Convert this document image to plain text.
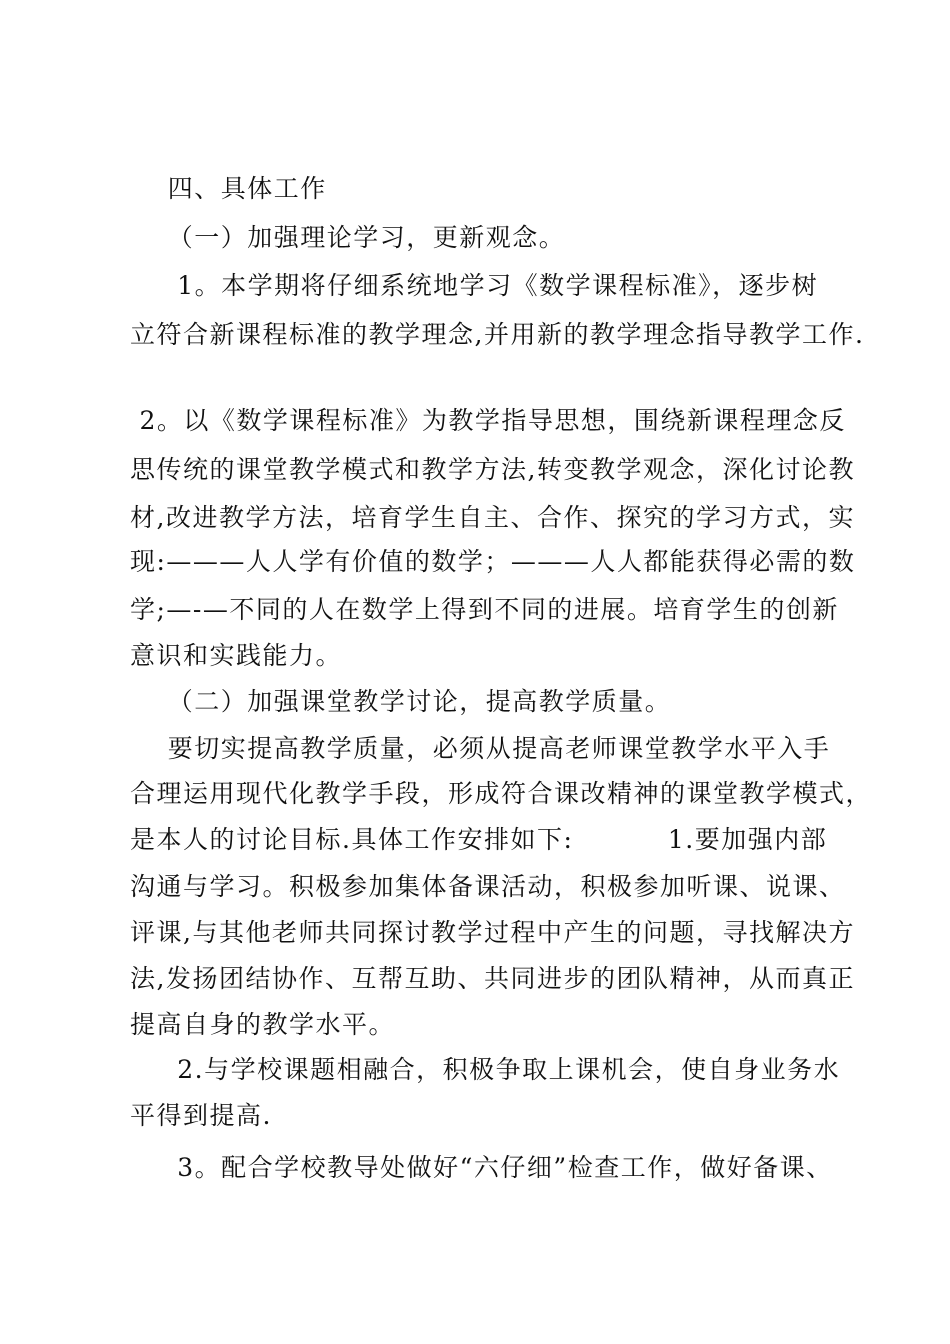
四、具体工作
（一）加强理论学习，更新观念。
1。本学期将仔细系统地学习《数学课程标准》，逐步树
立符合新课程标准的教学理念,并用新的教学理念指导教学工作.
2。以《数学课程标准》为教学指导思想，围绕新课程理念反
思传统的课堂教学模式和教学方法,转变教学观念，深化讨论教
材,改进教学方法，培育学生自主、合作、探究的学习方式，实
现:———人人学有价值的数学；———人人都能获得必需的数
学;—-—不同的人在数学上得到不同的进展。培育学生的创新
意识和实践能力。
（二）加强课堂教学讨论，提高教学质量。
要切实提高教学质量，必须从提高老师课堂教学水平入手
合理运用现代化教学手段，形成符合课改精神的课堂教学模式，
是本人的讨论目标.具体工作安排如下:          1.要加强内部
沟通与学习。积极参加集体备课活动，积极参加听课、说课、
评课,与其他老师共同探讨教学过程中产生的问题，寻找解决方
法,发扬团结协作、互帮互助、共同进步的团队精神，从而真正
提高自身的教学水平。
2.与学校课题相融合，积极争取上课机会，使自身业务水
平得到提高.
3。配合学校教导处做好“六仔细”检查工作，做好备课、
